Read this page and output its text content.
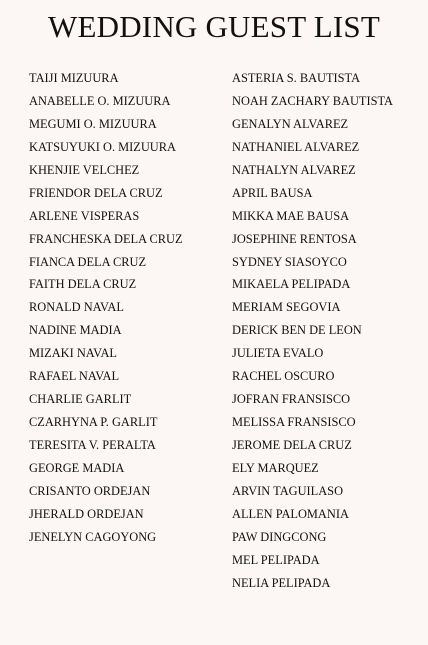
WEDDING GUEST LIST
TAIJI MIZUURA
ANABELLE O. MIZUURA
MEGUMI O. MIZUURA
KATSUYUKI O. MIZUURA
KHENJIE VELCHEZ
FRIENDOR DELA CRUZ
ARLENE VISPERAS
FRANCHESKA DELA CRUZ
FIANCA DELA CRUZ
FAITH DELA CRUZ
RONALD NAVAL
NADINE MADIA
MIZAKI NAVAL
RAFAEL NAVAL
CHARLIE GARLIT
CZARHYNA P. GARLIT
TERESITA V. PERALTA
GEORGE MADIA
CRISANTO ORDEJAN
JHERALD ORDEJAN
JENELYN CAGOYONG
ASTERIA S. BAUTISTA
NOAH ZACHARY BAUTISTA
GENALYN ALVAREZ
NATHANIEL ALVAREZ
NATHALYN ALVAREZ
APRIL BAUSA
MIKKA MAE BAUSA
JOSEPHINE RENTOSA
SYDNEY SIASOYCO
MIKAELA PELIPADA
MERIAM SEGOVIA
DERICK BEN DE LEON
JULIETA EVALO
RACHEL OSCURO
JOFRAN FRANSISCO
MELISSA FRANSISCO
JEROME DELA CRUZ
ELY MARQUEZ
ARVIN TAGUILASO
ALLEN PALOMANIA
PAW DINGCONG
MEL PELIPADA
NELIA PELIPADA
